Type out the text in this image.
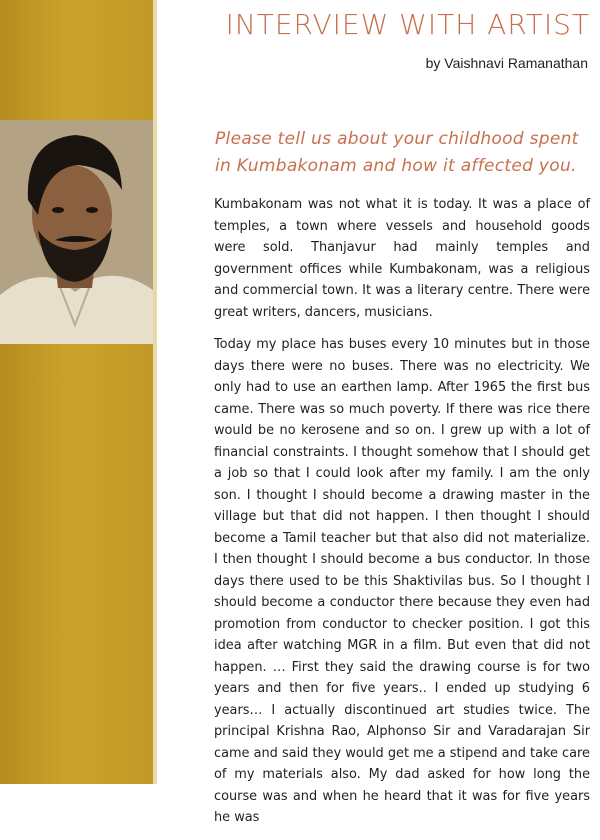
INTERVIEW WITH ARTIST
by Vaishnavi Ramanathan
Please tell us about your childhood spent
in Kumbakonam and how it affected you.

Kumbakonam was not what it is today. It was a place of temples, a town where vessels and household goods were sold. Thanjavur had mainly temples and government offices while Kumbakonam, was a religious and commercial town. It was a literary centre. There were great writers, dancers, musicians.

Today my place has buses every 10 minutes but in those days there were no buses. There was no electricity. We only had to use an earthen lamp. After 1965 the first bus came. There was so much poverty. If there was rice there would be no kerosene and so on. I grew up with a lot of financial constraints. I thought somehow that I should get a job so that I could look after my family. I am the only son. I thought I should become a drawing master in the village but that did not happen. I then thought I should become a Tamil teacher but that also did not materialize. I then thought I should become a bus conductor. In those days there used to be this Shaktivilas bus. So I thought I should become a conductor there because they even had promotion from conductor to checker position. I got this idea after watching MGR in a film. But even that did not happen. … First they said the drawing course is for two years and then for five years.. I ended up studying 6 years… I actually discontinued art studies twice. The principal Krishna Rao, Alphonso Sir and Varadarajan Sir came and said they would get me a stipend and take care of my materials also. My dad asked for how long the course was and when he heard that it was for five years he was
